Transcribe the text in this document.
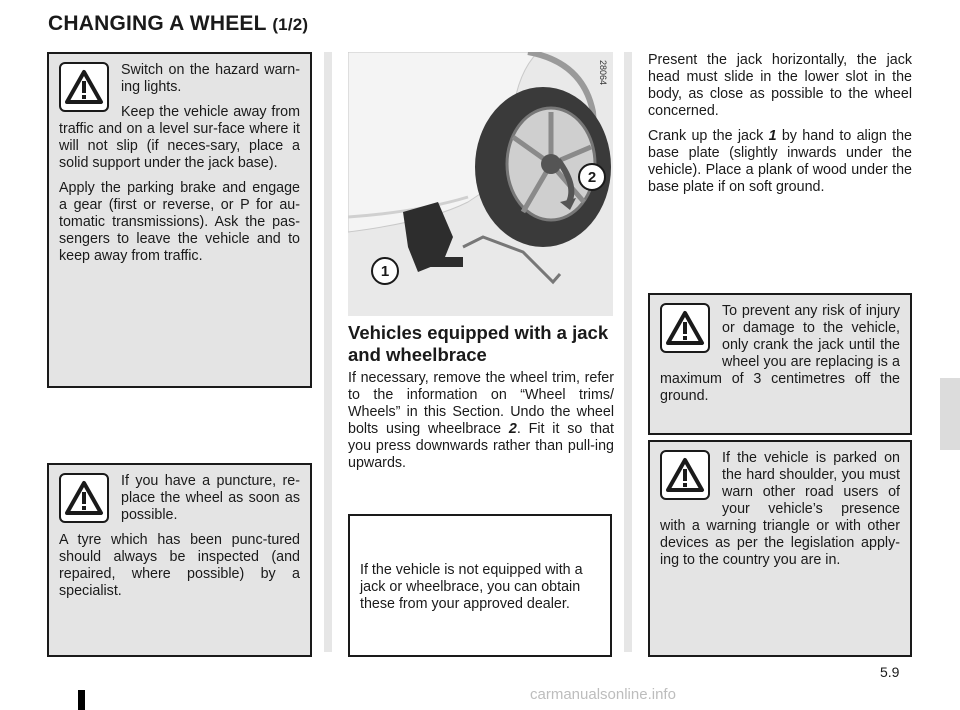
CHANGING A WHEEL (1/2)

Switch on the hazard warn-ing lights.

Keep the vehicle away from traffic and on a level sur-face where it will not slip (if neces-sary, place a solid support under the jack base).

Apply the parking brake and engage a gear (first or reverse, or P for au-tomatic transmissions). Ask the pas-sengers to leave the vehicle and to keep away from traffic.

If you have a puncture, re-place the wheel as soon as possible.

A tyre which has been punc-tured should always be inspected (and repaired, where possible) by a specialist.

28064
1
2
Vehicles equipped with a jack and wheelbrace

If necessary, remove the wheel trim, refer to the information on “Wheel trims/ Wheels” in this Section. Undo the wheel bolts using wheelbrace 2. Fit it so that you press downwards rather than pull-ing upwards.

If the vehicle is not equipped with a jack or wheelbrace, you can obtain these from your approved dealer.

Present the jack horizontally, the jack head must slide in the lower slot in the body, as close as possible to the wheel concerned.

Crank up the jack 1 by hand to align the base plate (slightly inwards under the vehicle). Place a plank of wood under the base plate if on soft ground.

To prevent any risk of injury or damage to the vehicle, only crank the jack until the wheel you are replacing is a maximum of 3 centimetres off the ground.

If the vehicle is parked on the hard shoulder, you must warn other road users of your vehicle’s presence with a warning triangle or with other devices as per the legislation apply-ing to the country you are in.

5.9
carmanualsonline.info
